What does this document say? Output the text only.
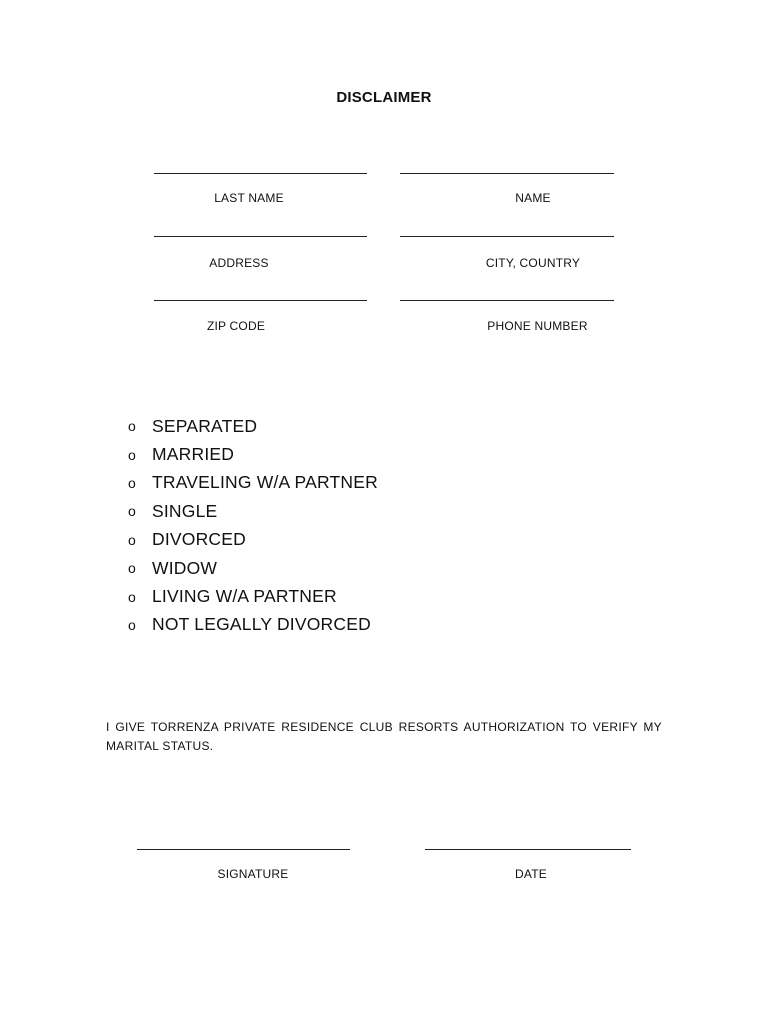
DISCLAIMER
LAST NAME	NAME
ADDRESS	CITY, COUNTRY
ZIP CODE	PHONE NUMBER
o SEPARATED
o MARRIED
o TRAVELING W/A PARTNER
o SINGLE
o DIVORCED
o WIDOW
o LIVING W/A PARTNER
o NOT LEGALLY DIVORCED
I GIVE TORRENZA PRIVATE RESIDENCE CLUB RESORTS AUTHORIZATION TO VERIFY MY MARITAL STATUS.
SIGNATURE	DATE
